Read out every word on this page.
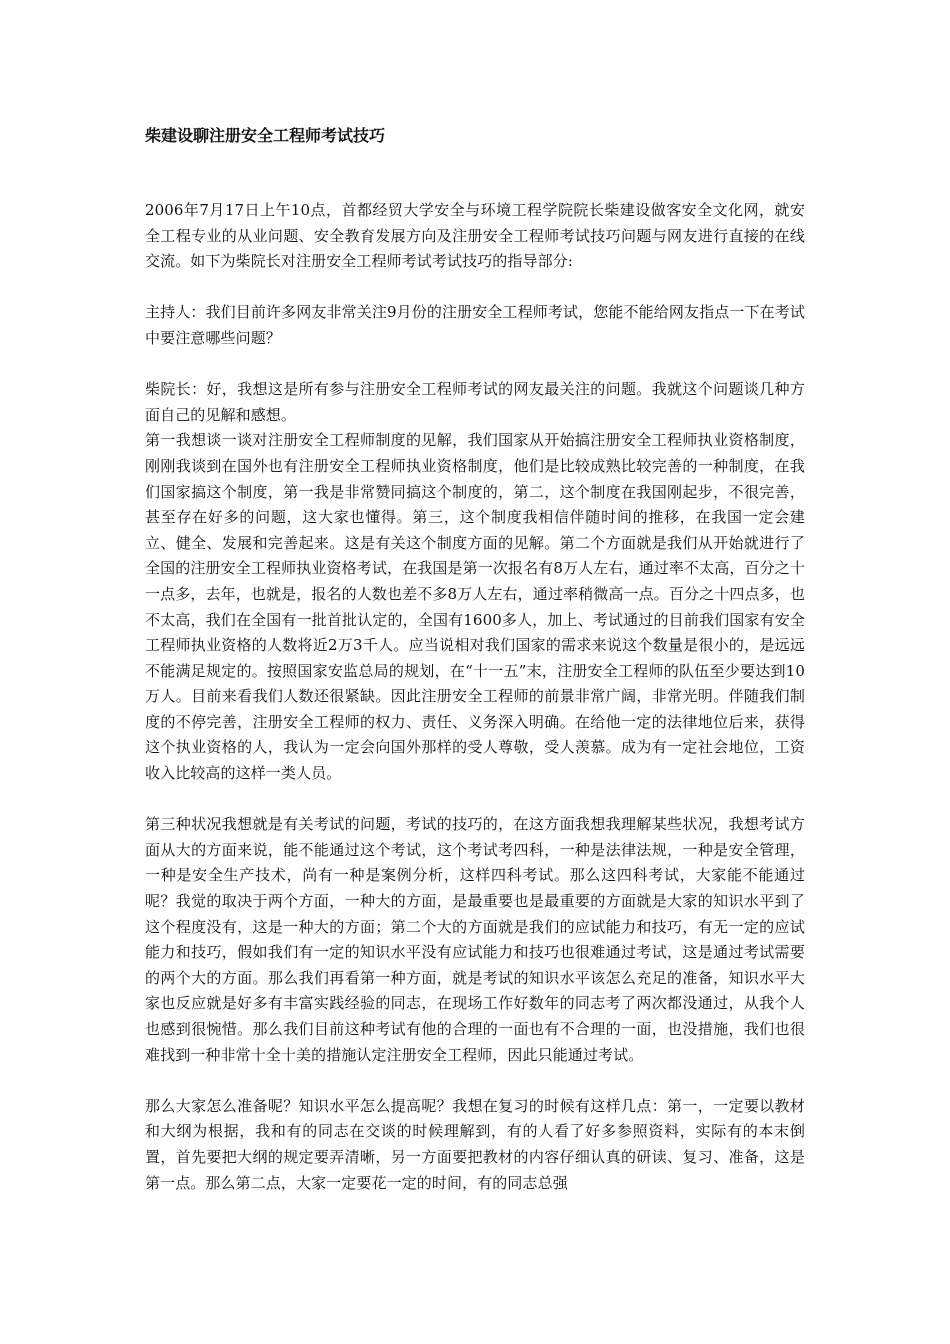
柴建设聊注册安全工程师考试技巧

2006年7月17日上午10点，首都经贸大学安全与环境工程学院院长柴建设做客安全文化网，就安全工程专业的从业问题、安全教育发展方向及注册安全工程师考试技巧问题与网友进行直接的在线交流。如下为柴院长对注册安全工程师考试考试技巧的指导部分:

主持人：我们目前许多网友非常关注9月份的注册安全工程师考试，您能不能给网友指点一下在考试中要注意哪些问题？

柴院长：好，我想这是所有参与注册安全工程师考试的网友最关注的问题。我就这个问题谈几种方面自己的见解和感想。

第一我想谈一谈对注册安全工程师制度的见解，我们国家从开始搞注册安全工程师执业资格制度，刚刚我谈到在国外也有注册安全工程师执业资格制度，他们是比较成熟比较完善的一种制度，在我们国家搞这个制度，第一我是非常赞同搞这个制度的，第二，这个制度在我国刚起步，不很完善，甚至存在好多的问题，这大家也懂得。第三，这个制度我相信伴随时间的推移，在我国一定会建立、健全、发展和完善起来。这是有关这个制度方面的见解。第二个方面就是我们从开始就进行了全国的注册安全工程师执业资格考试，在我国是第一次报名有8万人左右，通过率不太高，百分之十一点多，去年，也就是，报名的人数也差不多8万人左右，通过率稍微高一点。百分之十四点多，也不太高，我们在全国有一批首批认定的，全国有1600多人，加上、考试通过的目前我们国家有安全工程师执业资格的人数将近2万3千人。应当说相对我们国家的需求来说这个数量是很小的，是远远不能满足规定的。按照国家安监总局的规划，在“十一五”末，注册安全工程师的队伍至少要达到10万人。目前来看我们人数还很紧缺。因此注册安全工程师的前景非常广阔，非常光明。伴随我们制度的不停完善，注册安全工程师的权力、责任、义务深入明确。在给他一定的法律地位后来，获得这个执业资格的人，我认为一定会向国外那样的受人尊敬，受人羡慕。成为有一定社会地位，工资收入比较高的这样一类人员。

第三种状况我想就是有关考试的问题，考试的技巧的，在这方面我想我理解某些状况，我想考试方面从大的方面来说，能不能通过这个考试，这个考试考四科，一种是法律法规，一种是安全管理，一种是安全生产技术，尚有一种是案例分析，这样四科考试。那么这四科考试，大家能不能通过呢？我觉的取决于两个方面，一种大的方面，是最重要也是最重要的方面就是大家的知识水平到了这个程度没有，这是一种大的方面；第二个大的方面就是我们的应试能力和技巧，有无一定的应试能力和技巧，假如我们有一定的知识水平没有应试能力和技巧也很难通过考试，这是通过考试需要的两个大的方面。那么我们再看第一种方面，就是考试的知识水平该怎么充足的准备，知识水平大家也反应就是好多有丰富实践经验的同志，在现场工作好数年的同志考了两次都没通过，从我个人也感到很惋惜。那么我们目前这种考试有他的合理的一面也有不合理的一面，也没措施，我们也很难找到一种非常十全十美的措施认定注册安全工程师，因此只能通过考试。

那么大家怎么准备呢？知识水平怎么提高呢？我想在复习的时候有这样几点：第一，一定要以教材和大纲为根据，我和有的同志在交谈的时候理解到，有的人看了好多参照资料，实际有的本末倒置，首先要把大纲的规定要弄清晰，另一方面要把教材的内容仔细认真的研读、复习、准备，这是第一点。那么第二点，大家一定要花一定的时间，有的同志总强
